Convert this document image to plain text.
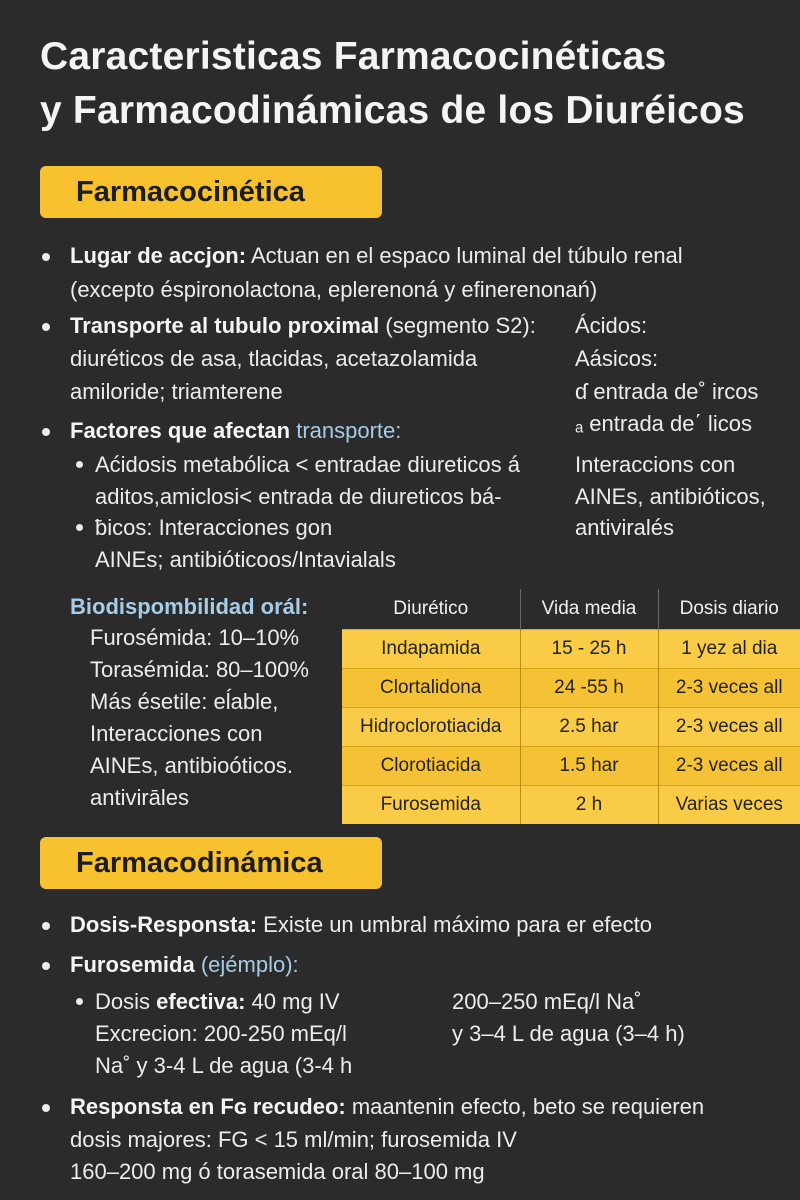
Caracteristicas Farmacocinéticas
y Farmacodinámicas de los Diuréicos
Farmacocinética
Lugar de accjon: Actuan en el espaco luminal del túbulo renal
(excepto éspironolactona, eplerenoná y efinerenonań)
Transporte al tubulo proximal (segmento S2):
diuréticos de asa, tlacidas, acetazolamida
amiloride; triamterene
Ácidos:
Aásicos:
ɗ entrada de˚ ircos
ₐ entrada de΄ licos
Factores que afectan transporte:
Aćidosis metabólica < entradae diureticos á
aditos,amiclosi< entrada de diureticos bá-
ƀicos: Interacciones gon
AINEs; antibióticoos/Intavialals
Interaccions con
AINEs, antibióticos,
antiviralés
Biodispombilidad orál:
Furosémida: 10–10%
Torasémida: 80–100%
Más ésetile: eĺable,
Interacciones con
AINEs, antibioóticos.
antivirāles
Diurético	Vida media	Dosis diario
Indapamida	15 - 25 h	1 yez al dia
Clortalidona	24 -55 h	2-3 veces all
Hidroclorotiacida	2.5 har	2-3 veces all
Clorotiacida	1.5 har	2-3 veces all
Furosemida	2 h	Varias veces
Farmacodinámica
Dosis-Responsta: Existe un umbral máximo para er efecto
Furosemida (ejémplo):
Dosis efectiva: 40 mg IV
Excrecion: 200-250 mEq/l
Na˚ y 3-4 L de agua (3-4 h
200–250 mEq/l Na˚
y 3–4 L de agua (3–4 h)
Responsta en Fɢ recudeo: maantenin efecto, beto se requieren
dosis majores: FG < 15 ml/min; furosemida IV
160–200 mg ó torasemida oral 80–100 mg
